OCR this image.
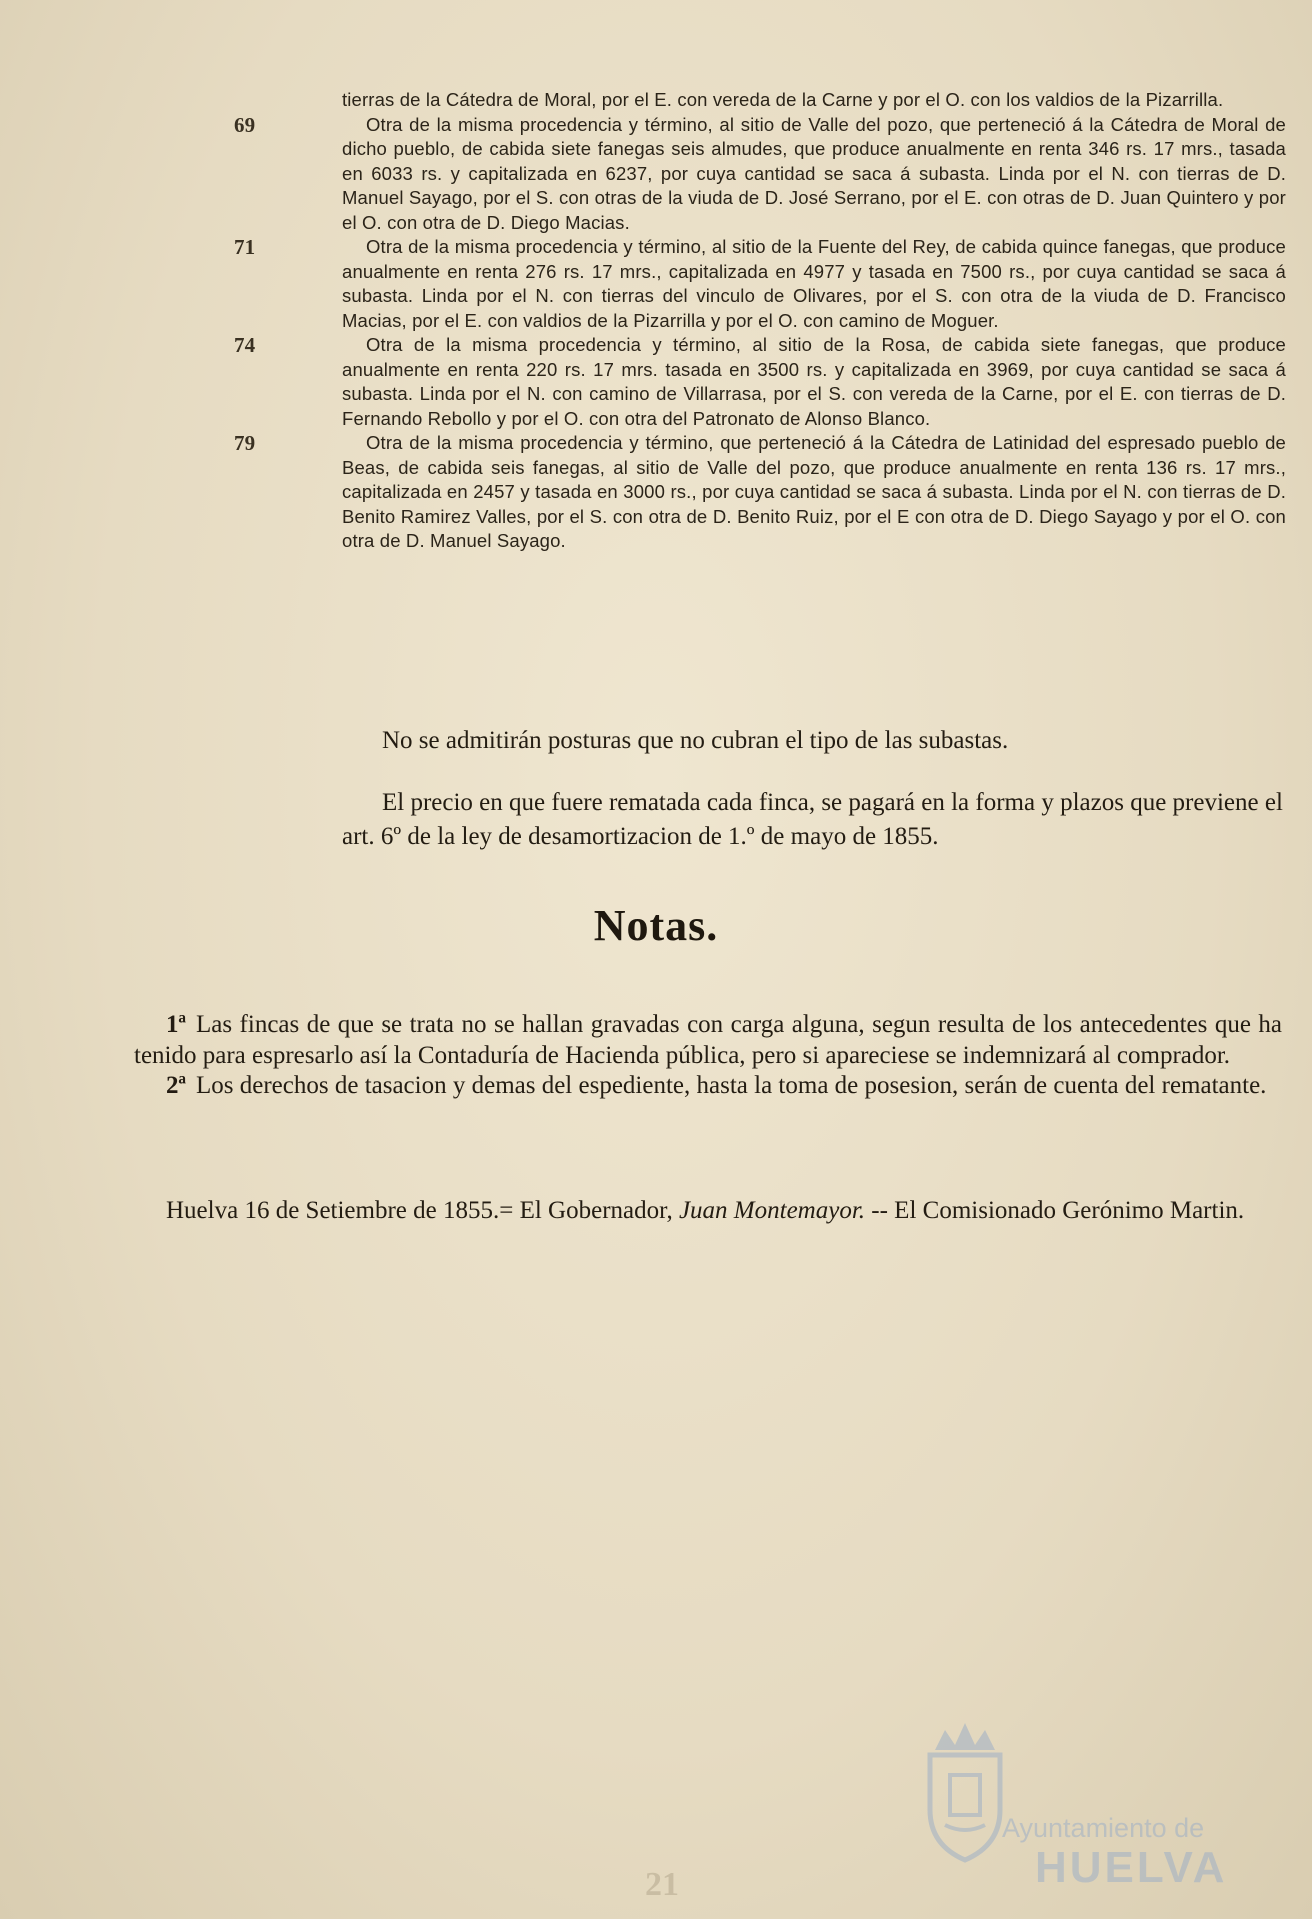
tierras de la Cátedra de Moral, por el E. con vereda de la Carne y por el O. con los valdios de la Pizarrilla.
69	Otra de la misma procedencia y término, al sitio de Valle del pozo, que perteneció á la Cátedra de Moral de dicho pueblo, de cabida siete fanegas seis almudes, que produce anualmente en renta 346 rs. 17 mrs., tasada en 6033 rs. y capitalizada en 6237, por cuya cantidad se saca á subasta. Linda por el N. con tierras de D. Manuel Sayago, por el S. con otras de la viuda de D. José Serrano, por el E. con otras de D. Juan Quintero y por el O. con otra de D. Diego Macias.
71	Otra de la misma procedencia y término, al sitio de la Fuente del Rey, de cabida quince fanegas, que produce anualmente en renta 276 rs. 17 mrs., capitalizada en 4977 y tasada en 7500 rs., por cuya cantidad se saca á subasta. Linda por el N. con tierras del vinculo de Olivares, por el S. con otra de la viuda de D. Francisco Macias, por el E. con valdios de la Pizarrilla y por el O. con camino de Moguer.
74	Otra de la misma procedencia y término, al sitio de la Rosa, de cabida siete fanegas, que produce anualmente en renta 220 rs. 17 mrs. tasada en 3500 rs. y capitalizada en 3969, por cuya cantidad se saca á subasta. Linda por el N. con camino de Villarrasa, por el S. con vereda de la Carne, por el E. con tierras de D. Fernando Rebollo y por el O. con otra del Patronato de Alonso Blanco.
79	Otra de la misma procedencia y término, que perteneció á la Cátedra de Latinidad del espresado pueblo de Beas, de cabida seis fanegas, al sitio de Valle del pozo, que produce anualmente en renta 136 rs. 17 mrs., capitalizada en 2457 y tasada en 3000 rs., por cuya cantidad se saca á subasta. Linda por el N. con tierras de D. Benito Ramirez Valles, por el S. con otra de D. Benito Ruiz, por el E con otra de D. Diego Sayago y por el O. con otra de D. Manuel Sayago.
No se admitirán posturas que no cubran el tipo de las subastas.
El precio en que fuere rematada cada finca, se pagará en la forma y plazos que previene el art. 6º de la ley de desamortizacion de 1.º de mayo de 1855.
Notas.
1ª Las fincas de que se trata no se hallan gravadas con carga alguna, segun resulta de los antecedentes que ha tenido para espresarlo así la Contaduría de Hacienda pública, pero si apareciese se indemnizará al comprador.
2ª Los derechos de tasacion y demas del espediente, hasta la toma de posesion, serán de cuenta del rematante.
Huelva 16 de Setiembre de 1855.= El Gobernador, Juan Montemayor. -- El Comisionado Gerónimo Martin.
Ayuntamiento de
HUELVA
21
